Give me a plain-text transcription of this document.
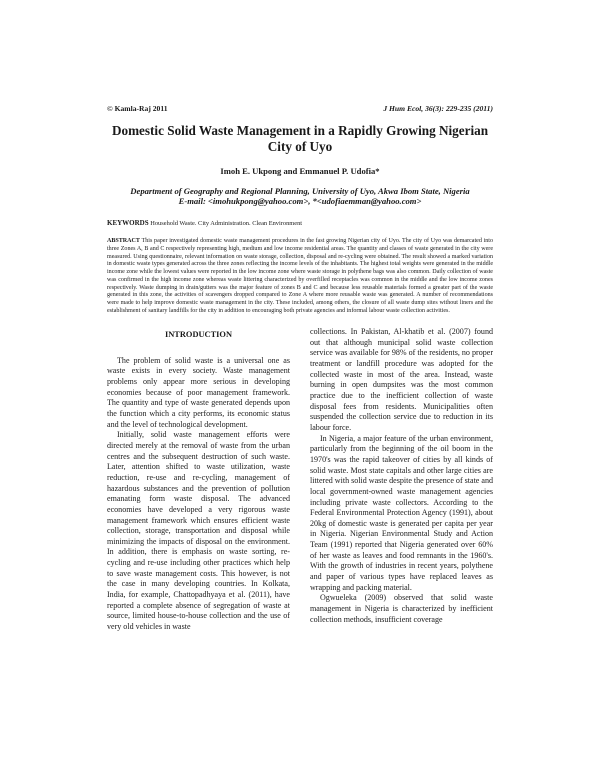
© Kamla-Raj 2011	J Hum Ecol, 36(3): 229-235 (2011)
Domestic Solid Waste Management in a Rapidly Growing Nigerian City of Uyo
Imoh E. Ukpong and Emmanuel P. Udofia*
Department of Geography and Regional Planning, University of Uyo, Akwa Ibom State, Nigeria
E-mail: <imohukpong@yahoo.com>, *<udofiaemman@yahoo.com>
KEYWORDS Household Waste. City Administration. Clean Environment
ABSTRACT This paper investigated domestic waste management procedures in the fast growing Nigerian city of Uyo. The city of Uyo was demarcated into three Zones A, B and C respectively representing high, medium and low income residential areas. The quantity and classes of waste generated in the city were measured. Using questionnaire, relevant information on waste storage, collection, disposal and re-cycling were obtained. The result showed a marked variation in domestic waste types generated across the three zones reflecting the income levels of the inhabitants. The highest total weights were generated in the middle income zone while the lowest values were reported in the low income zone where waste storage in polythene bags was also common. Daily collection of waste was confirmed in the high income zone whereas waste littering characterized by overfilled receptacles was common in the middle and the low income zones respectively. Waste dumping in drain/gutters was the major feature of zones B and C and because less reusable materials formed a greater part of the waste generated in this zone, the activities of scavengers dropped compared to Zone A where more reusable waste was generated. A number of recommendations were made to help improve domestic waste management in the city. These included, among others, the closure of all waste dump sites without liners and the establishment of sanitary landfills for the city in addition to encouraging both private agencies and informal labour waste collection activities.
INTRODUCTION

The problem of solid waste is a universal one as waste exists in every society. Waste management problems only appear more serious in developing economies because of poor management framework. The quantity and type of waste generated depends upon the function which a city performs, its economic status and the level of technological development.

Initially, solid waste management efforts were directed merely at the removal of waste from the urban centres and the subsequent destruction of such waste. Later, attention shifted to waste utilization, waste reduction, re-use and re-cycling, management of hazardous substances and the prevention of pollution emanating form waste disposal. The advanced economies have developed a very rigorous waste management framework which ensures efficient waste collection, storage, transportation and disposal while minimizing the impacts of disposal on the environment. In addition, there is emphasis on waste sorting, re-cycling and re-use including other practices which help to save waste management costs. This however, is not the case in many developing countries. In Kolkata, India, for example, Chattopadhyaya et al. (2011), have reported a complete absence of segregation of waste at source, limited house-to-house collection and the use of very old vehicles in waste

collections. In Pakistan, Al-khatib et al. (2007) found out that although municipal solid waste collection service was available for 98% of the residents, no proper treatment or landfill procedure was adopted for the collected waste in most of the area. Instead, waste burning in open dumpsites was the most common practice due to the inefficient collection of waste disposal fees from residents. Municipalities often suspended the collection service due to reduction in its labour force.

In Nigeria, a major feature of the urban environment, particularly from the beginning of the oil boom in the 1970's was the rapid takeover of cities by all kinds of solid waste. Most state capitals and other large cities are littered with solid waste despite the presence of state and local government-owned waste management agencies including private waste collectors. According to the Federal Environmental Protection Agency (1991), about 20kg of domestic waste is generated per capita per year in Nigeria. Nigerian Environmental Study and Action Team (1991) reported that Nigeria generated over 60% of her waste as leaves and food remnants in the 1960's. With the growth of industries in recent years, polythene and paper of various types have replaced leaves as wrapping and packing material.

Ogwueleka (2009) observed that solid waste management in Nigeria is characterized by inefficient collection methods, insufficient coverage
